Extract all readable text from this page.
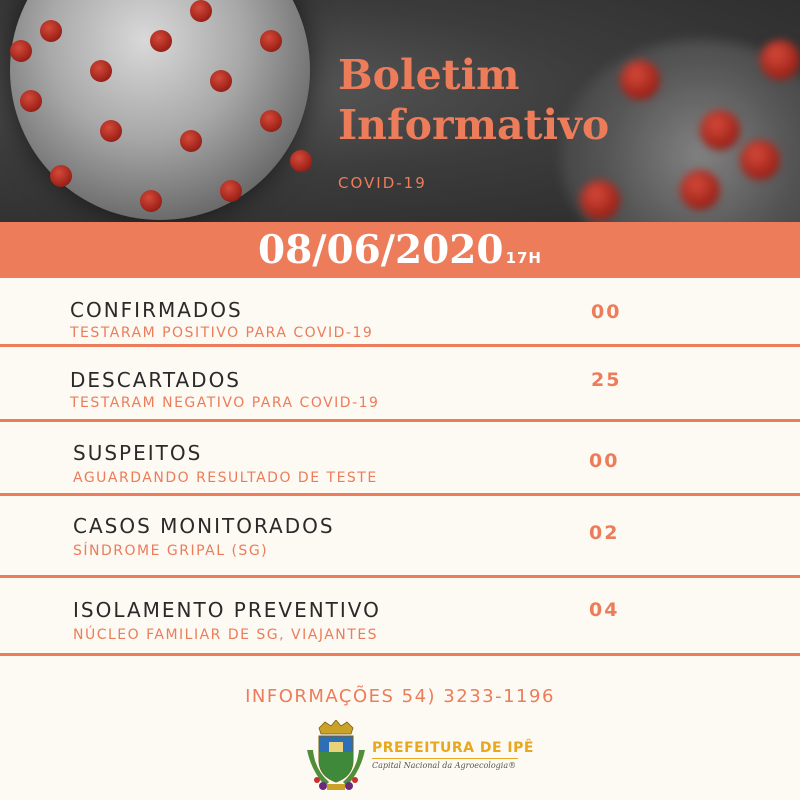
Boletim
Informativo
COVID-19
08/06/2020 17H
CONFIRMADOS
TESTARAM POSITIVO PARA COVID-19
00
DESCARTADOS
TESTARAM NEGATIVO PARA COVID-19
25
SUSPEITOS
AGUARDANDO RESULTADO DE TESTE
00
CASOS MONITORADOS
SÍNDROME GRIPAL (SG)
02
ISOLAMENTO PREVENTIVO
NÚCLEO FAMILIAR DE SG, VIAJANTES
04
INFORMAÇÕES 54) 3233-1196
PREFEITURA DE IPÊ
Capital Nacional da Agroecologia®
